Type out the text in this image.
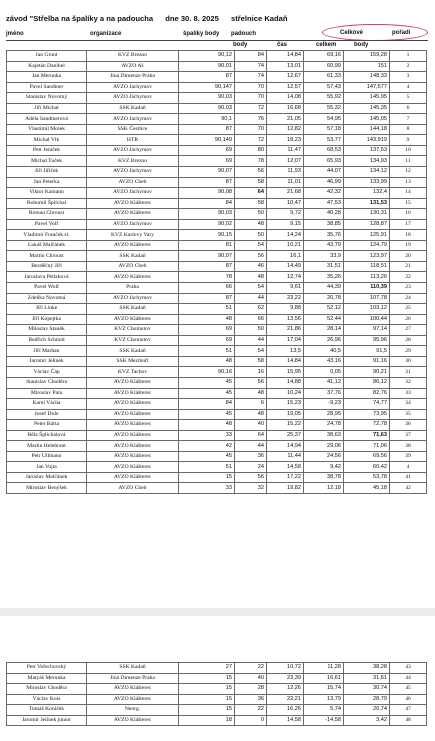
závod "Střelba na špalíky a na padoucha dne 30. 8. 2025 střelnice Kadaň
jméno	organizace	špalíky body padouch	Celkové	pořadí
body	čas	celkem	body
Jan Grunt	KVZ Brezno	90,12	84	14,84	69,16	159,28	1
Kajetán Danihel	AVZO Aš	90,01	74	13,01	60,99	151	2
Jan Merunka	Jiná Dimenze Praha	87	74	12,67	61,33	148,33	3
Pavel Sandtner	AVZO Jáchymov	90,147	70	12,57	57,43	147,577	4
Stanislav Novotný	AVZO Jáchymov	90,03	70	14,08	55,92	145,95	5
Jiří Michal	SSK Kadaň	90,03	72	16,68	55,32	145,35	6
Adéla Sandtnerová	AVZO Jáchymov	90,1	76	21,05	54,95	145,05	7
Vlastimil Molek	SSK Čestlice	87	70	12,82	57,18	144,18	8
Michal Vlk	HTR	90,149	72	18,23	53,77	143,919	9
Petr Jeníček	AVZO Jáchymov	69	80	11,47	68,53	137,53	10
Michal Tuček	KVZ Brezno	69	78	12,07	65,93	134,93	11
Jiří Jiříček	AVZO Jáchymov	90,07	56	11,93	44,07	134,12	12
Jan Peterka	AVZO Cheb	87	58	11,01	46,99	133,99	13
Viktor Kamann	AVZO Jáchymov	90,08	64	21,68	42,32	132,4	14
Bohumil Šplíchal	AVZO Klášterec	84	58	10,47	47,53	131,53	15
Roman Chroust	AVZO Klášterec	90,03	50	9,72	40,28	130,31	16
Pavel Volf	AVZO Jáchymov	90,02	48	9,15	38,85	128,87	17
Vladimír Franček st.	KVZ Karlovy Vary	90,15	50	14,24	35,76	125,91	18
Lukáš Malčánek	AVZO Klášterec	81	54	10,21	43,79	124,79	19
Martin Chroust	SSK Kadaň	90,07	56	16,1	33,9	123,97	20
Bezděčný Jiří	AVZO Cheb	87	46	14,49	31,51	118,51	21
Jaroslava Peltzková	AVZO Klášterec	78	48	12,74	35,26	113,26	22
Pavel Wolf	Praha	66	54	9,61	44,39	110,39	23
Zdeňka Novotná	AVZO Jáchymov	87	44	23,22	20,78	107,78	24
Jiří Linke	SSK Kadaň	51	62	9,88	52,12	103,12	25
Jiří Kopejtka	AVZO Klášterec	48	66	13,56	52,44	100,44	26
Miloslav Staněk	KVZ Chomutov	69	50	21,86	28,14	97,14	27
Bedřich Schmid	KVZ Chomutov	69	44	17,04	26,96	95,96	28
Jiří Marhan	SSK Kadaň	51	54	13,5	40,5	91,5	29
Jaromír Jelínek	SSK Mezibořl	48	58	14,84	43,16	91,16	30
Václav Čáp	KVZ Tachov	90,16	16	15,95	0,05	90,21	31
Stanislav Choděra	AVZO Klášterec	45	56	14,88	41,12	86,12	32
Miroslav Pala	AVZO Klášterec	45	48	10,24	37,76	82,76	33
Karel Vácha	AVZO Klášterec	84	6	15,23	-9,23	74,77	34
Josef Dido	AVZO Klášterec	45	48	19,05	28,95	73,95	35
Peter Bárta	AVZO Klášterec	48	40	15,22	24,78	72,78	36
Běla Šplíchalová	AVZO Klášterec	33	64	25,37	38,63	71,63	37
Martin Helebrant	AVZO Klášterec	42	44	14,94	29,06	71,06	38
Petr Ullmann	AVZO Klášterec	45	36	11,44	24,56	69,56	39
Jan Vojta	AVZO Klášterec	51	24	14,58	9,42	60,42	4
Jaroslav Malčánek	AVZO Klášterec	15	56	17,22	38,78	53,78	41
Miroslav Benýšek	AVZO Cheb	33	32	19,82	12,18	45,18	42
Petr Vořechovský	SSK Kadaň	27	22	10,72	11,28	38,28	43
Matyáš Merunka	Jiná Dimenze Praha	15	40	23,39	16,61	31,61	44
Miroslav Choděra	AVZO Klášterec	15	28	12,26	15,74	30,74	45
Václav Kois	AVZO Klášterec	15	36	22,21	13,79	28,79	46
Tomáš Koníček	Neorg.	15	22	16,26	5,74	20,74	47
Jaromír Jelínek junior	AVZO Klášterec	18	0	14,58	-14,58	3,42	48
